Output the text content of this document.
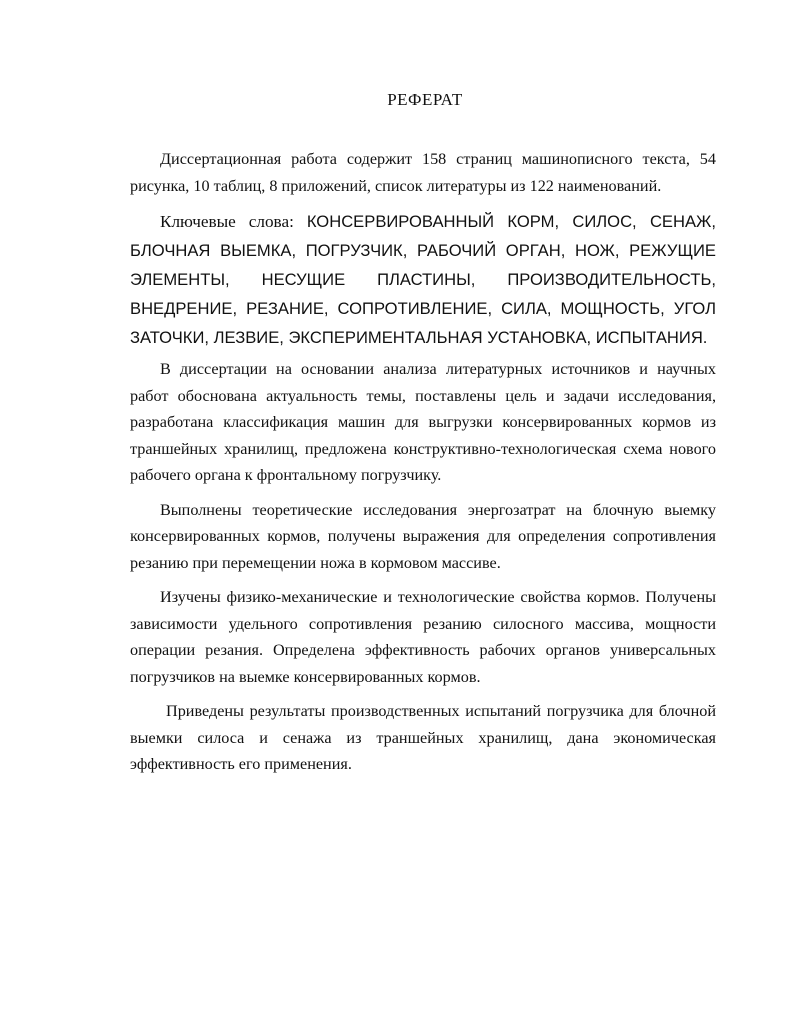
РЕФЕРАТ

Диссертационная работа содержит 158 страниц машинописного текста, 54 рисунка, 10 таблиц, 8 приложений, список литературы из 122 наименований.

Ключевые слова: КОНСЕРВИРОВАННЫЙ КОРМ, СИЛОС, СЕНАЖ, БЛОЧНАЯ ВЫЕМКА, ПОГРУЗЧИК, РАБОЧИЙ ОРГАН, НОЖ, РЕЖУЩИЕ ЭЛЕМЕНТЫ, НЕСУЩИЕ ПЛАСТИНЫ, ПРОИЗВОДИТЕЛЬНОСТЬ, ВНЕДРЕНИЕ, РЕЗАНИЕ, СОПРОТИВЛЕНИЕ, СИЛА, МОЩНОСТЬ, УГОЛ ЗАТОЧКИ, ЛЕЗВИЕ, ЭКСПЕРИМЕНТАЛЬНАЯ УСТАНОВКА, ИСПЫТАНИЯ.

В диссертации на основании анализа литературных источников и научных работ обоснована актуальность темы, поставлены цель и задачи исследования, разработана классификация машин для выгрузки консервированных кормов из траншейных хранилищ, предложена конструктивно-технологическая схема нового рабочего органа к фронтальному погрузчику.

Выполнены теоретические исследования энергозатрат на блочную выемку консервированных кормов, получены выражения для определения сопротивления резанию при перемещении ножа в кормовом массиве.

Изучены физико-механические и технологические свойства кормов. Получены зависимости удельного сопротивления резанию силосного массива, мощности операции резания. Определена эффективность рабочих органов универсальных погрузчиков на выемке консервированных кормов.

Приведены результаты производственных испытаний погрузчика для блочной выемки силоса и сенажа из траншейных хранилищ, дана экономическая эффективность его применения.
